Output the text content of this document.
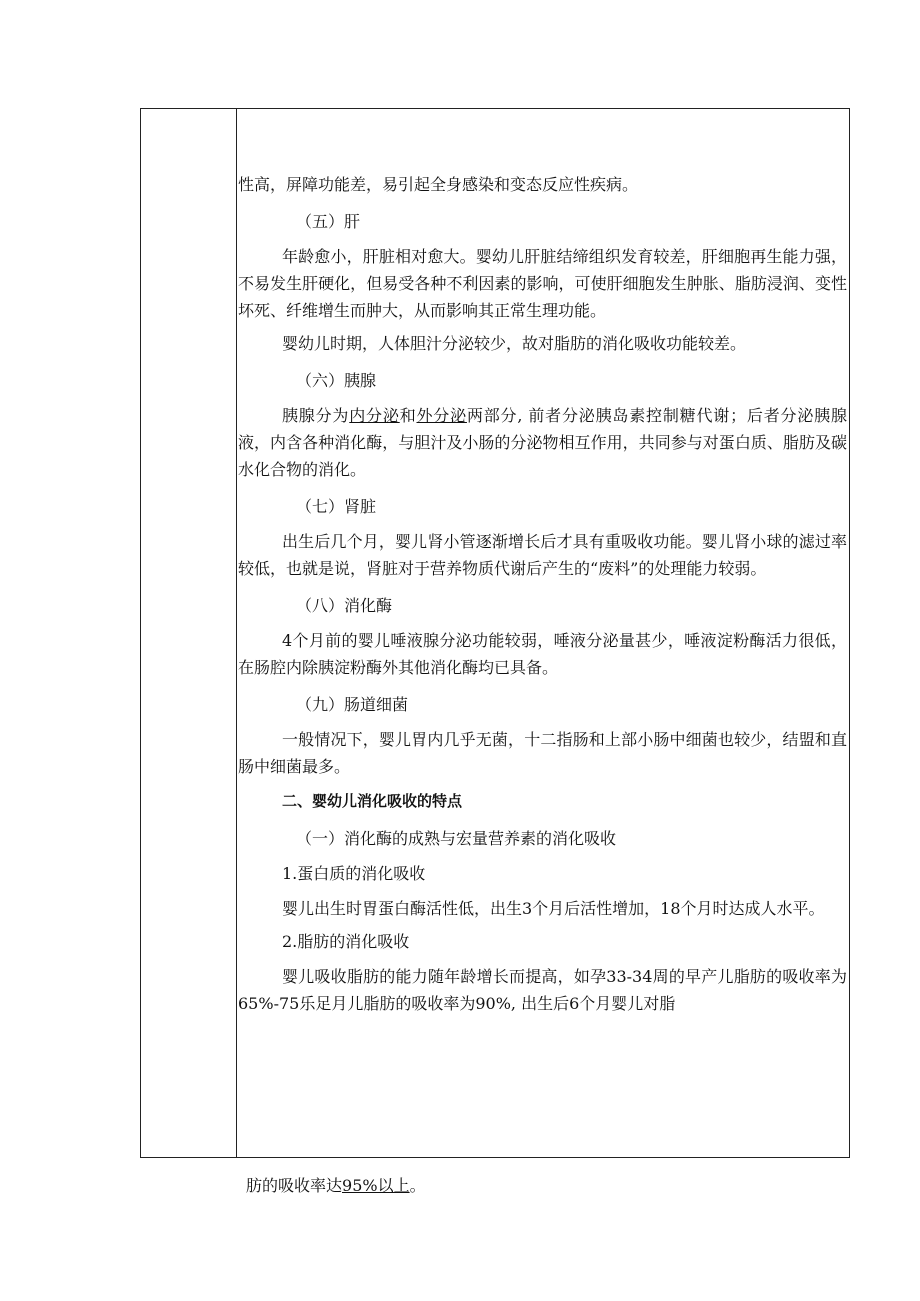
性高，屏障功能差，易引起全身感染和变态反应性疾病。

（五）肝

年龄愈小，肝脏相对愈大。婴幼儿肝脏结缔组织发育较差，肝细胞再生能力强，不易发生肝硬化，但易受各种不利因素的影响，可使肝细胞发生肿胀、脂肪浸润、变性坏死、纤维增生而肿大，从而影响其正常生理功能。

婴幼儿时期，人体胆汁分泌较少，故对脂肪的消化吸收功能较差。

（六）胰腺

胰腺分为内分泌和外分泌两部分, 前者分泌胰岛素控制糖代谢；后者分泌胰腺液，内含各种消化酶，与胆汁及小肠的分泌物相互作用，共同参与对蛋白质、脂肪及碳水化合物的消化。

（七）肾脏

出生后几个月，婴儿肾小管逐渐增长后才具有重吸收功能。婴儿肾小球的滤过率较低，也就是说，肾脏对于营养物质代谢后产生的“废料”的处理能力较弱。

（八）消化酶

4个月前的婴儿唾液腺分泌功能较弱，唾液分泌量甚少，唾液淀粉酶活力很低，在肠腔内除胰淀粉酶外其他消化酶均已具备。

（九）肠道细菌

一般情况下，婴儿胃内几乎无菌，十二指肠和上部小肠中细菌也较少，结盟和直肠中细菌最多。

二、婴幼儿消化吸收的特点

（一）消化酶的成熟与宏量营养素的消化吸收

1.蛋白质的消化吸收

婴儿出生时胃蛋白酶活性低，出生3个月后活性增加，18个月时达成人水平。

2.脂肪的消化吸收

婴儿吸收脂肪的能力随年龄增长而提高，如孕33-34周的早产儿脂肪的吸收率为65%-75乐足月儿脂肪的吸收率为90%, 出生后6个月婴儿对脂

肪的吸收率达95%以上。
